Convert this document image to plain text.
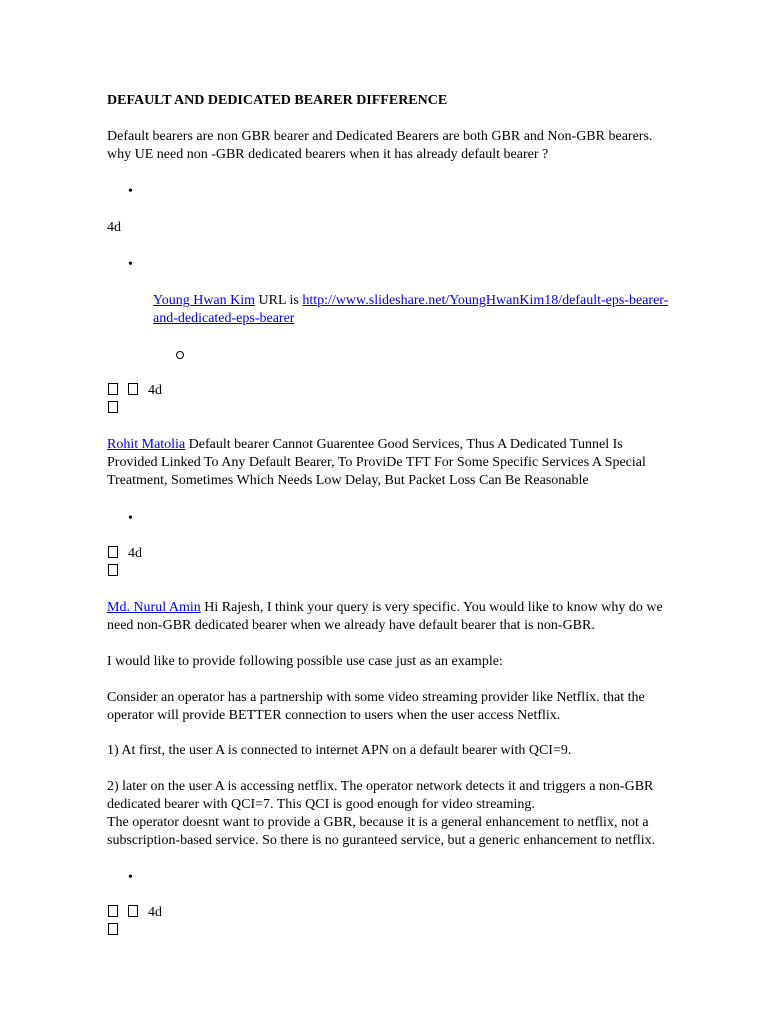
DEFAULT AND DEDICATED BEARER DIFFERENCE
Default bearers are non GBR bearer and Dedicated Bearers are both GBR and Non-GBR bearers.
why UE need non -GBR dedicated bearers when it has already default bearer ?
•
4d
•
Young Hwan Kim URL is http://www.slideshare.net/YoungHwanKim18/default-eps-bearer-
and-dedicated-eps-bearer
4d
Rohit Matolia Default bearer Cannot Guarentee Good Services, Thus A Dedicated Tunnel Is
Provided Linked To Any Default Bearer, To ProviDe TFT For Some Specific Services A Special
Treatment, Sometimes Which Needs Low Delay, But Packet Loss Can Be Reasonable
•
4d
Md. Nurul Amin Hi Rajesh, I think your query is very specific. You would like to know why do we
need non-GBR dedicated bearer when we already have default bearer that is non-GBR.
I would like to provide following possible use case just as an example:
Consider an operator has a partnership with some video streaming provider like Netflix. that the
operator will provide BETTER connection to users when the user access Netflix.
1) At first, the user A is connected to internet APN on a default bearer with QCI=9.
2) later on the user A is accessing netflix. The operator network detects it and triggers a non-GBR
dedicated bearer with QCI=7. This QCI is good enough for video streaming.
The operator doesnt want to provide a GBR, because it is a general enhancement to netflix, not a
subscription-based service. So there is no guranteed service, but a generic enhancement to netflix.
•
4d
